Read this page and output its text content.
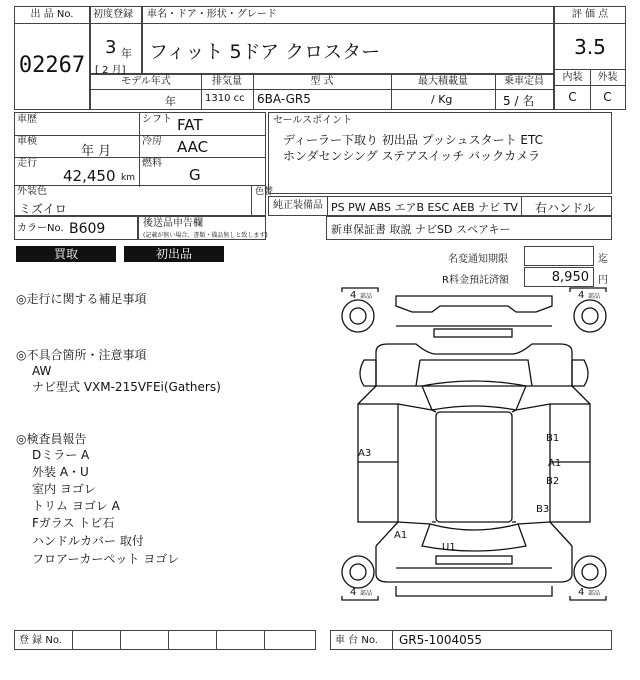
出 品 No.
02267
初度登録
3 年
[ 2 月]
車名・ドア・形状・グレード
フィット 5ドア クロスター
評 価 点
3.5
内装	外装
C	C
モデル年式	排気量	型 式	最大積載量	乗車定員
年	1310 cc 6BA-GR5	/ Kg	5 / 名
車歴
車検
年 月
走行
42,450 km
シフト FAT
冷房 AAC
燃料
G
外装色
ミズイロ
色替
セールスポイント
ディーラー下取り 初出品 プッシュスタート ETC
ホンダセンシング ステアスイッチ バックカメラ
純正装備品 PS PW ABS エアB ESC AEB ナビ TV 右ハンドル
カラーNo. B609	後送品申告欄
(記載が無い場合、書類・備品無しと致します)	新車保証書 取説 ナビSD スペアキー
買取	初出品	名変通知期限	迄
R料金預託済額	8,950 円
◎走行に関する補足事項
◎不具合箇所・注意事項
AW
ナビ型式 VXM-215VFEi(Gathers)
◎検査員報告
Dミラー A
外装 A・U
室内 ヨゴレ
トリム ヨゴレ A
Fガラス トビ石
ハンドルカバー 取付
フロアーカーペット ヨゴレ
4 部品	4 部品
4 部品	4 部品
A3
B1
A1
B2
B3
A1
U1
登 録 No.	車 台 No. GR5-1004055
